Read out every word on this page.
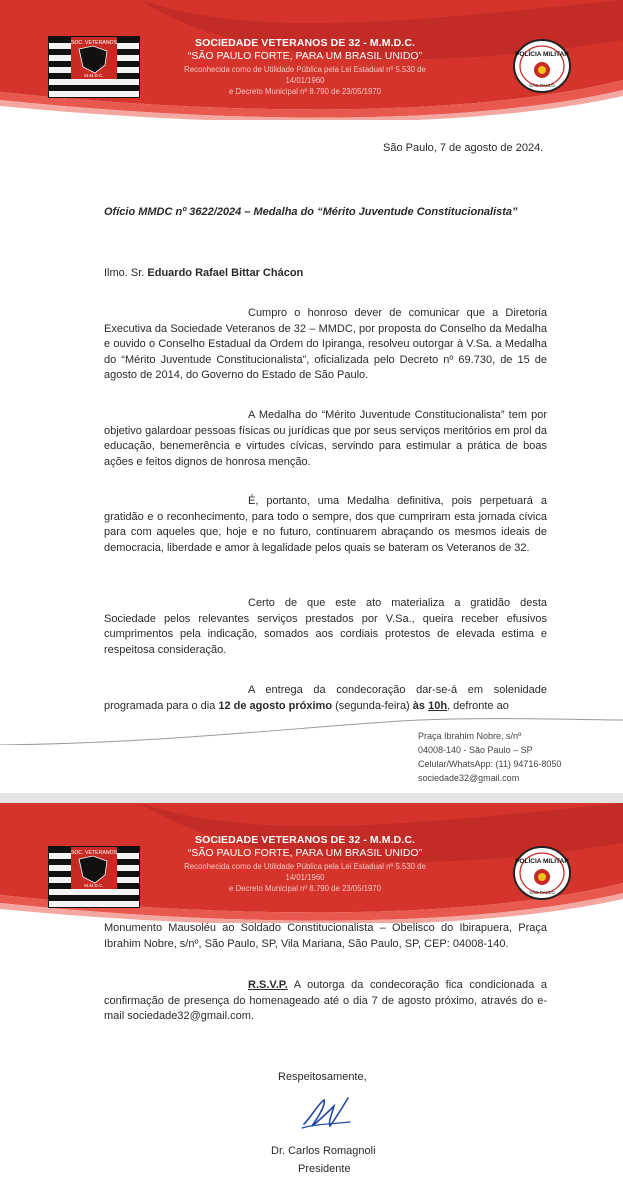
SOC. VETERANOS
M.M.D.C.
SOCIEDADE VETERANOS DE 32 - M.M.D.C.
“SÃO PAULO FORTE, PARA UM BRASIL UNIDO”
Reconhecida como de Utilidade Pública pela Lei Estadual nº 5.530 de 14/01/1960
e Decreto Municipal nº 8.790 de 23/05/1970
POLÍCIA MILITAR
SÃO PAULO
São Paulo, 7 de agosto de 2024.
Ofício MMDC nº 3622/2024 – Medalha do “Mérito Juventude Constitucionalista”
Ilmo. Sr. Eduardo Rafael Bittar Chácon
Cumpro o honroso dever de comunicar que a Diretoria Executiva da Sociedade Veteranos de 32 – MMDC, por proposta do Conselho da Medalha e ouvido o Conselho Estadual da Ordem do Ipiranga, resolveu outorgar à V.Sa. a Medalha do “Mérito Juventude Constitucionalista”, oficializada pelo Decreto nº 69.730, de 15 de agosto de 2014, do Governo do Estado de São Paulo.
A Medalha do “Mérito Juventude Constitucionalista” tem por objetivo galardoar pessoas físicas ou jurídicas que por seus serviços meritórios em prol da educação, benemerência e virtudes cívicas, servindo para estimular a prática de boas ações e feitos dignos de honrosa menção.
É, portanto, uma Medalha definitiva, pois perpetuará a gratidão e o reconhecimento, para todo o sempre, dos que cumpriram esta jornada cívica para com aqueles que, hoje e no futuro, continuarem abraçando os mesmos ideais de democracia, liberdade e amor à legalidade pelos quais se bateram os Veteranos de 32.
Certo de que este ato materializa a gratidão desta Sociedade pelos relevantes serviços prestados por V.Sa., queira receber efusivos cumprimentos pela indicação, somados aos cordiais protestos de elevada estima e respeitosa consideração.
A entrega da condecoração dar-se-á em solenidade programada para o dia 12 de agosto próximo (segunda-feira) às 10h, defronte ao
Praça Ibrahim Nobre, s/nº
04008-140 - São Paulo – SP
Celular/WhatsApp: (11) 94716-8050
sociedade32@gmail.com
SOC. VETERANOS
M.M.D.C.
SOCIEDADE VETERANOS DE 32 - M.M.D.C.
“SÃO PAULO FORTE, PARA UM BRASIL UNIDO”
Reconhecida como de Utilidade Pública pela Lei Estadual nº 5.530 de 14/01/1960
e Decreto Municipal nº 8.790 de 23/05/1970
POLÍCIA MILITAR
SÃO PAULO
Monumento Mausoléu ao Soldado Constitucionalista – Obelisco do Ibirapuera, Praça Ibrahim Nobre, s/nº, São Paulo, SP, Vila Mariana, São Paulo, SP, CEP: 04008-140.
R.S.V.P. A outorga da condecoração fica condicionada a confirmação de presença do homenageado até o dia 7 de agosto próximo, através do e-mail sociedade32@gmail.com.
Respeitosamente,
Dr. Carlos Romagnoli
Presidente
